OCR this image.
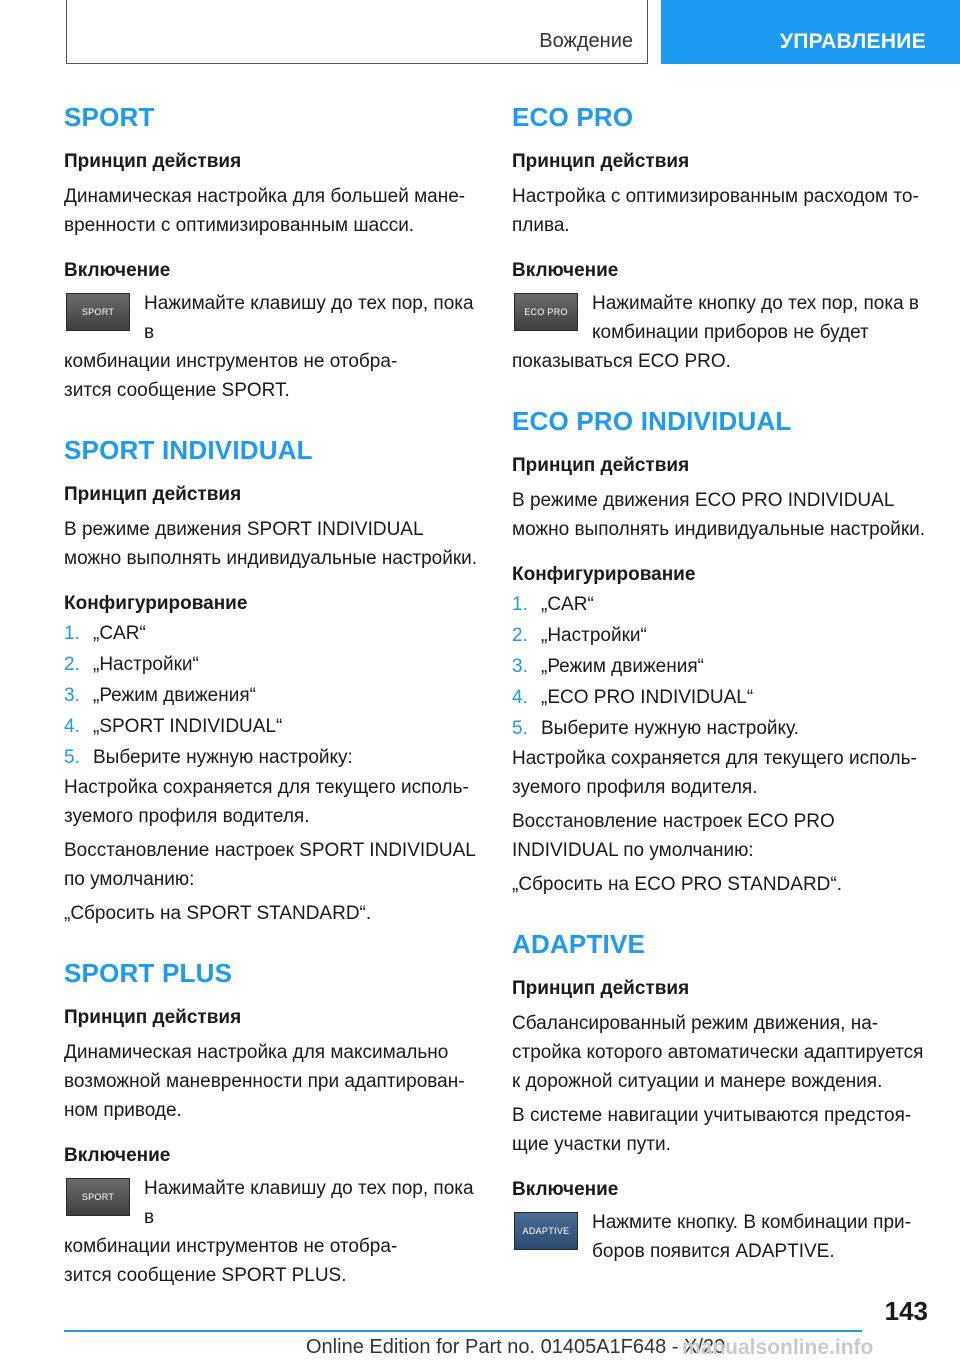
Вождение	УПРАВЛЕНИЕ
SPORT
Принцип действия

Динамическая настройка для большей мане-

вренности с оптимизированным шасси.

Включение
SPORT	Нажимайте клавишу до тех пор, пока в

комбинации инструментов не отобра-

зится сообщение SPORT.

SPORT INDIVIDUAL
Принцип действия

В режиме движения SPORT INDIVIDUAL

можно выполнять индивидуальные настройки.

Конфигурирование
1. „CAR“
2. „Настройки“
3. „Режим движения“
4. „SPORT INDIVIDUAL“
5. Выберите нужную настройку:

Настройка сохраняется для текущего исполь-

зуемого профиля водителя.

Восстановление настроек SPORT INDIVIDUAL

по умолчанию:

„Сбросить на SPORT STANDARD“.

SPORT PLUS
Принцип действия

Динамическая настройка для максимально

возможной маневренности при адаптирован-

ном приводе.

Включение
SPORT	Нажимайте клавишу до тех пор, пока в

комбинации инструментов не отобра-

зится сообщение SPORT PLUS.

ECO PRO
Принцип действия

Настройка с оптимизированным расходом то-

плива.

Включение
ECO PRO	Нажимайте кнопку до тех пор, пока в

комбинации приборов не будет

показываться ECO PRO.

ECO PRO INDIVIDUAL
Принцип действия

В режиме движения ECO PRO INDIVIDUAL

можно выполнять индивидуальные настройки.

Конфигурирование
1. „CAR“
2. „Настройки“
3. „Режим движения“
4. „ECO PRO INDIVIDUAL“
5. Выберите нужную настройку.

Настройка сохраняется для текущего исполь-

зуемого профиля водителя.

Восстановление настроек ECO PRO

INDIVIDUAL по умолчанию:

„Сбросить на ECO PRO STANDARD“.

ADAPTIVE
Принцип действия

Сбалансированный режим движения, на-

стройка которого автоматически адаптируется

к дорожной ситуации и манере вождения.

В системе навигации учитываются предстоя-

щие участки пути.

Включение
ADAPTIVE	Нажмите кнопку. В комбинации при-

боров появится ADAPTIVE.

143
Online Edition for Part no. 01405A1F648 - X/20
manualsonline.info
